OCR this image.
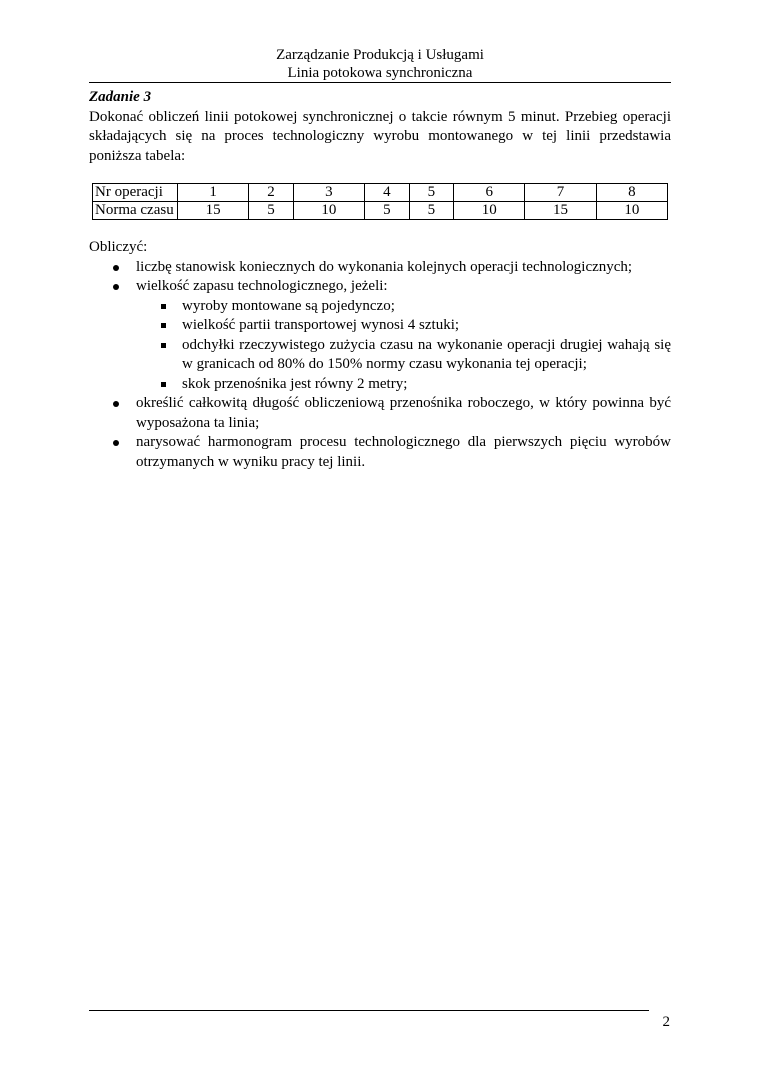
Zarządzanie Produkcją i Usługami
Linia potokowa synchroniczna
Zadanie 3

Dokonać obliczeń linii potokowej synchronicznej o takcie równym 5 minut. Przebieg operacji składających się na proces technologiczny wyrobu montowanego w tej linii przedstawia poniższa tabela:

Nr operacji	1	2	3	4	5	6	7	8
Norma czasu	15	5	10	5	5	10	15	10
Obliczyć:
liczbę stanowisk koniecznych do wykonania kolejnych operacji technologicznych;
wielkość zapasu technologicznego, jeżeli:
wyroby montowane są pojedynczo;
wielkość partii transportowej wynosi 4 sztuki;
odchyłki rzeczywistego zużycia czasu na wykonanie operacji drugiej wahają się w granicach od 80% do 150% normy czasu wykonania tej operacji;
skok przenośnika jest równy 2 metry;
określić całkowitą długość obliczeniową przenośnika roboczego, w który powinna być wyposażona ta linia;
narysować harmonogram procesu technologicznego dla pierwszych pięciu wyrobów otrzymanych w wyniku pracy tej linii.
2
